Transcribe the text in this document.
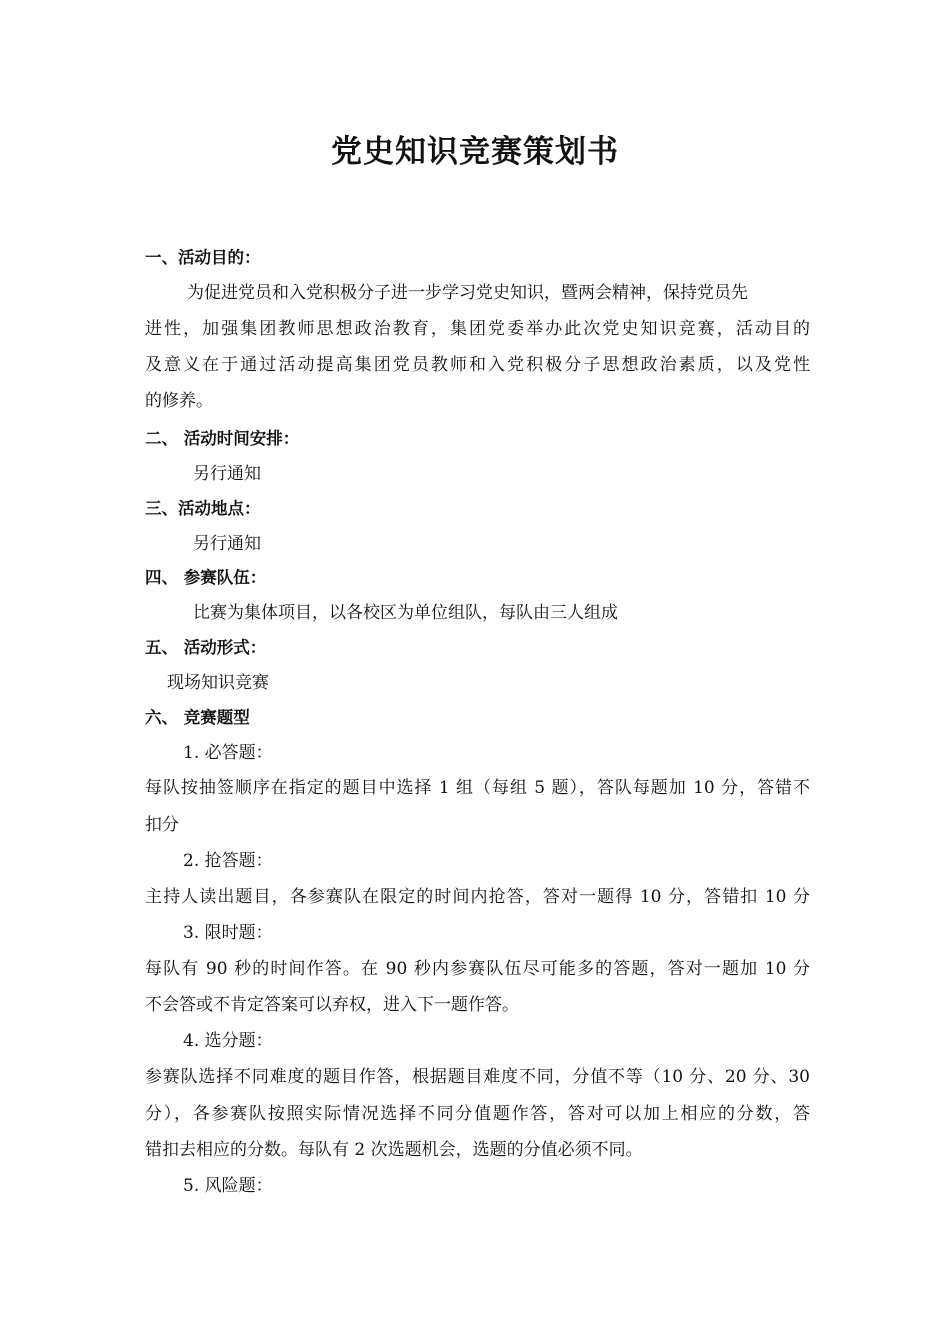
党史知识竞赛策划书
一、活动目的：
为促进党员和入党积极分子进一步学习党史知识，暨两会精神，保持党员先
进性，加强集团教师思想政治教育，集团党委举办此次党史知识竞赛，活动目的
及意义在于通过活动提高集团党员教师和入党积极分子思想政治素质，以及党性
的修养。
二、 活动时间安排：
另行通知
三、活动地点：
另行通知
四、 参赛队伍：
比赛为集体项目，以各校区为单位组队，每队由三人组成
五、 活动形式：
现场知识竞赛
六、 竞赛题型
1. 必答题：
每队按抽签顺序在指定的题目中选择 1 组（每组 5 题），答队每题加 10 分，答错不
扣分
2. 抢答题：
主持人读出题目，各参赛队在限定的时间内抢答，答对一题得 10 分，答错扣 10 分
3. 限时题：
每队有 90 秒的时间作答。在 90 秒内参赛队伍尽可能多的答题，答对一题加 10 分
不会答或不肯定答案可以弃权，进入下一题作答。
4. 选分题：
参赛队选择不同难度的题目作答，根据题目难度不同，分值不等（10 分、20 分、30
分），各参赛队按照实际情况选择不同分值题作答，答对可以加上相应的分数，答
错扣去相应的分数。每队有 2 次选题机会，选题的分值必须不同。
5. 风险题：
